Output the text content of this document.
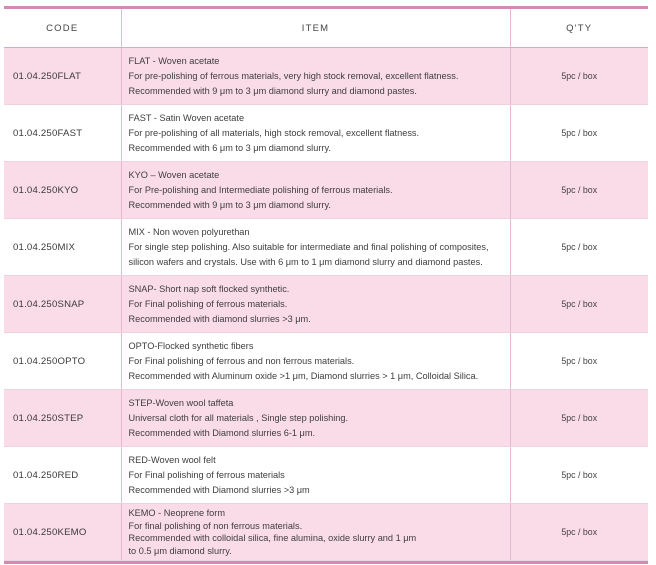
CODE	ITEM	Q'TY
01.04.250FLAT	FLAT - Woven acetate
For pre-polishing of ferrous materials, very high stock removal, excellent flatness.
Recommended with 9 μm to 3 μm diamond slurry and diamond pastes.	5pc / box
01.04.250FAST	FAST - Satin Woven acetate
For pre-polishing of all materials, high stock removal, excellent flatness.
Recommended with 6 μm to 3 μm diamond slurry.	5pc / box
01.04.250KYO	KYO – Woven acetate
For Pre-polishing and Intermediate polishing of ferrous materials.
Recommended with 9 μm to 3 μm diamond slurry.	5pc / box
01.04.250MIX	MIX - Non woven polyurethan
For single step polishing. Also suitable for intermediate and final polishing of composites,
silicon wafers and crystals. Use with 6 μm to 1 μm diamond slurry and diamond pastes.	5pc / box
01.04.250SNAP	SNAP- Short nap soft flocked synthetic.
For Final polishing of ferrous materials.
Recommended with diamond slurries >3 μm.	5pc / box
01.04.250OPTO	OPTO-Flocked synthetic fibers
For Final polishing of ferrous and non ferrous materials.
Recommended with Aluminum oxide >1 μm, Diamond slurries > 1 μm, Colloidal Silica.	5pc / box
01.04.250STEP	STEP-Woven wool taffeta
Universal cloth for all materials , Single step polishing.
Recommended with Diamond slurries 6-1 μm.	5pc / box
01.04.250RED	RED-Woven wool felt
For Final polishing of ferrous materials
Recommended with Diamond slurries >3 μm	5pc / box
01.04.250KEMO	KEMO - Neoprene form
For final polishing of non ferrous materials.
Recommended with colloidal silica, fine alumina, oxide slurry and 1 μm
to 0.5 μm diamond slurry.	5pc / box
